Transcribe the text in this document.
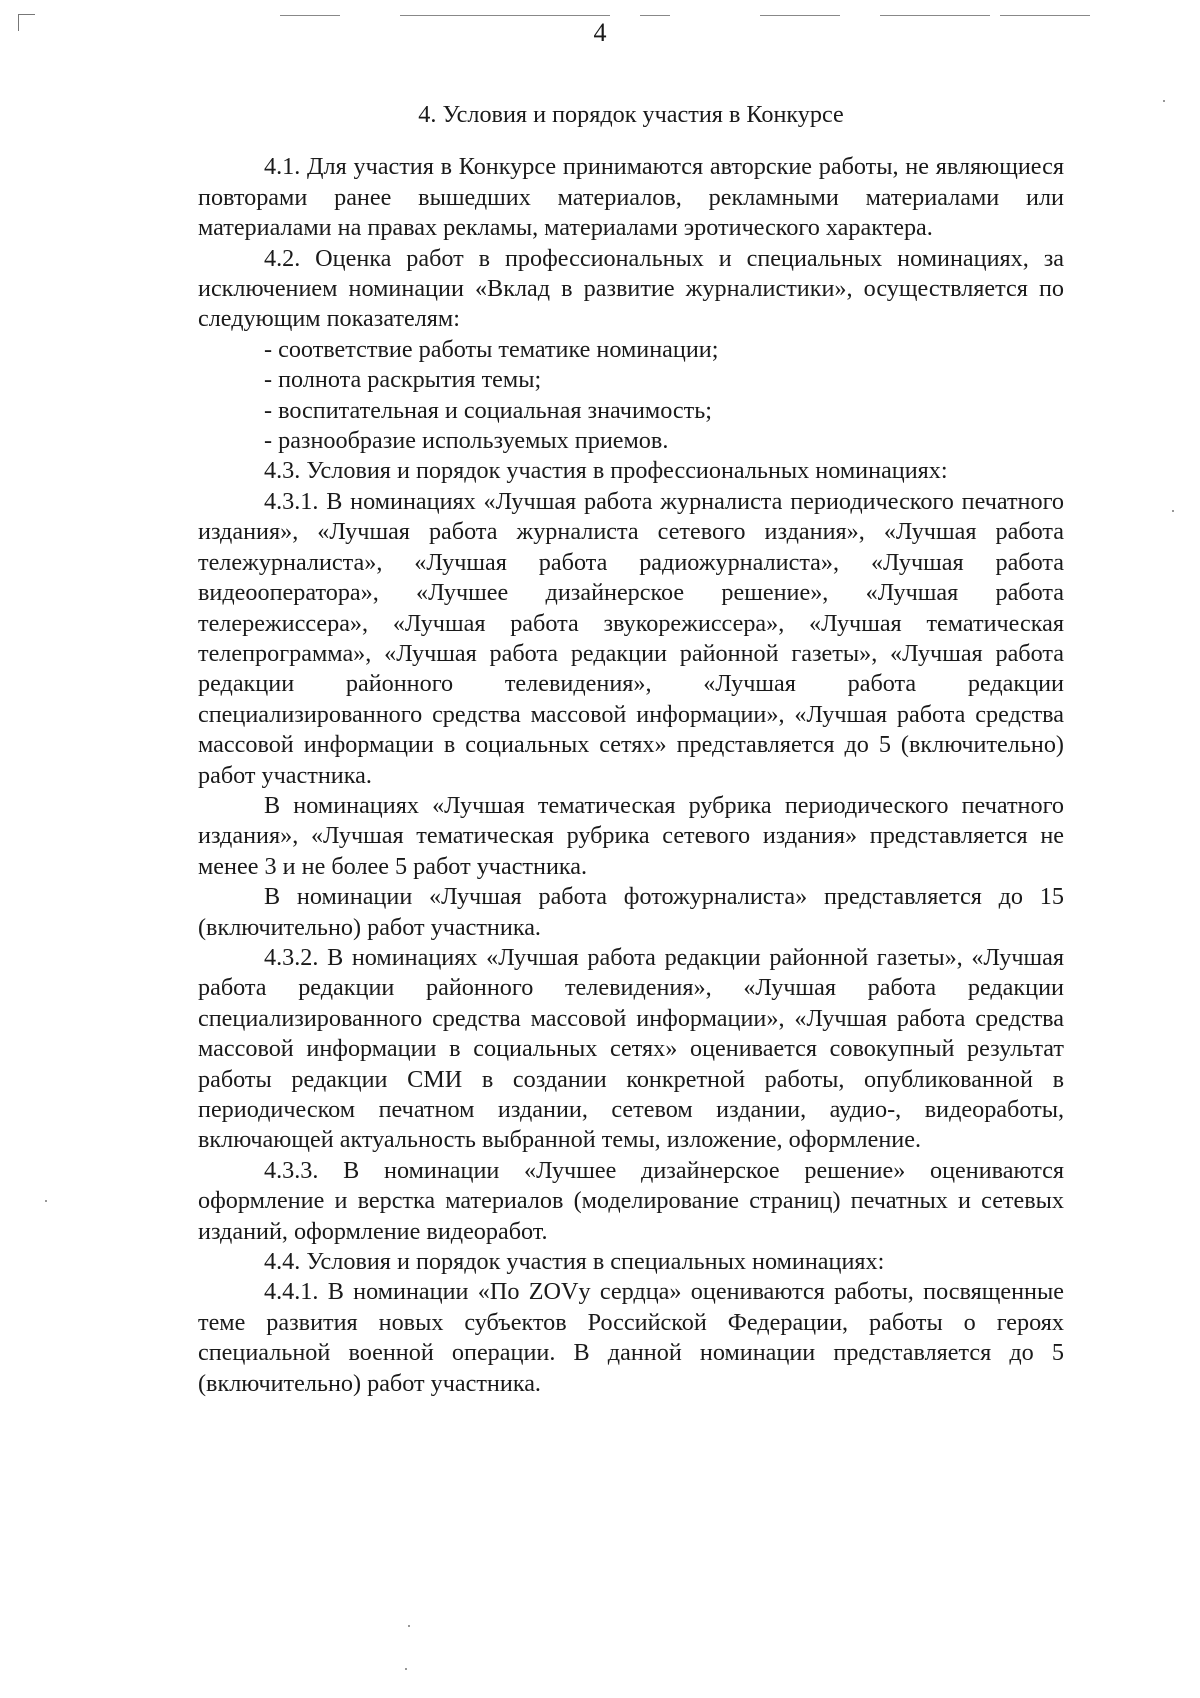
4
4. Условия и порядок участия в Конкурсе

4.1. Для участия в Конкурсе принимаются авторские работы, не являющиеся повторами ранее вышедших материалов, рекламными материалами или материалами на правах рекламы, материалами эротического характера.

4.2. Оценка работ в профессиональных и специальных номинациях, за исключением номинации «Вклад в развитие журналистики», осуществляется по следующим показателям:

- соответствие работы тематике номинации;

- полнота раскрытия темы;

- воспитательная и социальная значимость;

- разнообразие используемых приемов.

4.3. Условия и порядок участия в профессиональных номинациях:

4.3.1. В номинациях «Лучшая работа журналиста периодического печатного издания», «Лучшая работа журналиста сетевого издания», «Лучшая работа тележурналиста», «Лучшая работа радиожурналиста», «Лучшая работа видеооператора», «Лучшее дизайнерское решение», «Лучшая работа телережиссера», «Лучшая работа звукорежиссера», «Лучшая тематическая телепрограмма», «Лучшая работа редакции районной газеты», «Лучшая работа редакции районного телевидения», «Лучшая работа редакции специализированного средства массовой информации», «Лучшая работа средства массовой информации в социальных сетях» представляется до 5 (включительно) работ участника.

В номинациях «Лучшая тематическая рубрика периодического печатного издания», «Лучшая тематическая рубрика сетевого издания» представляется не менее 3 и не более 5 работ участника.

В номинации «Лучшая работа фотожурналиста» представляется до 15 (включительно) работ участника.

4.3.2. В номинациях «Лучшая работа редакции районной газеты», «Лучшая работа редакции районного телевидения», «Лучшая работа редакции специализированного средства массовой информации», «Лучшая работа средства массовой информации в социальных сетях» оценивается совокупный результат работы редакции СМИ в создании конкретной работы, опубликованной в периодическом печатном издании, сетевом издании, аудио-, видеоработы, включающей актуальность выбранной темы, изложение, оформление.

4.3.3. В номинации «Лучшее дизайнерское решение» оцениваются оформление и верстка материалов (моделирование страниц) печатных и сетевых изданий, оформление видеоработ.

4.4. Условия и порядок участия в специальных номинациях:

4.4.1. В номинации «По ZOVу сердца» оцениваются работы, посвященные теме развития новых субъектов Российской Федерации, работы о героях специальной военной операции. В данной номинации представляется до 5 (включительно) работ участника.
